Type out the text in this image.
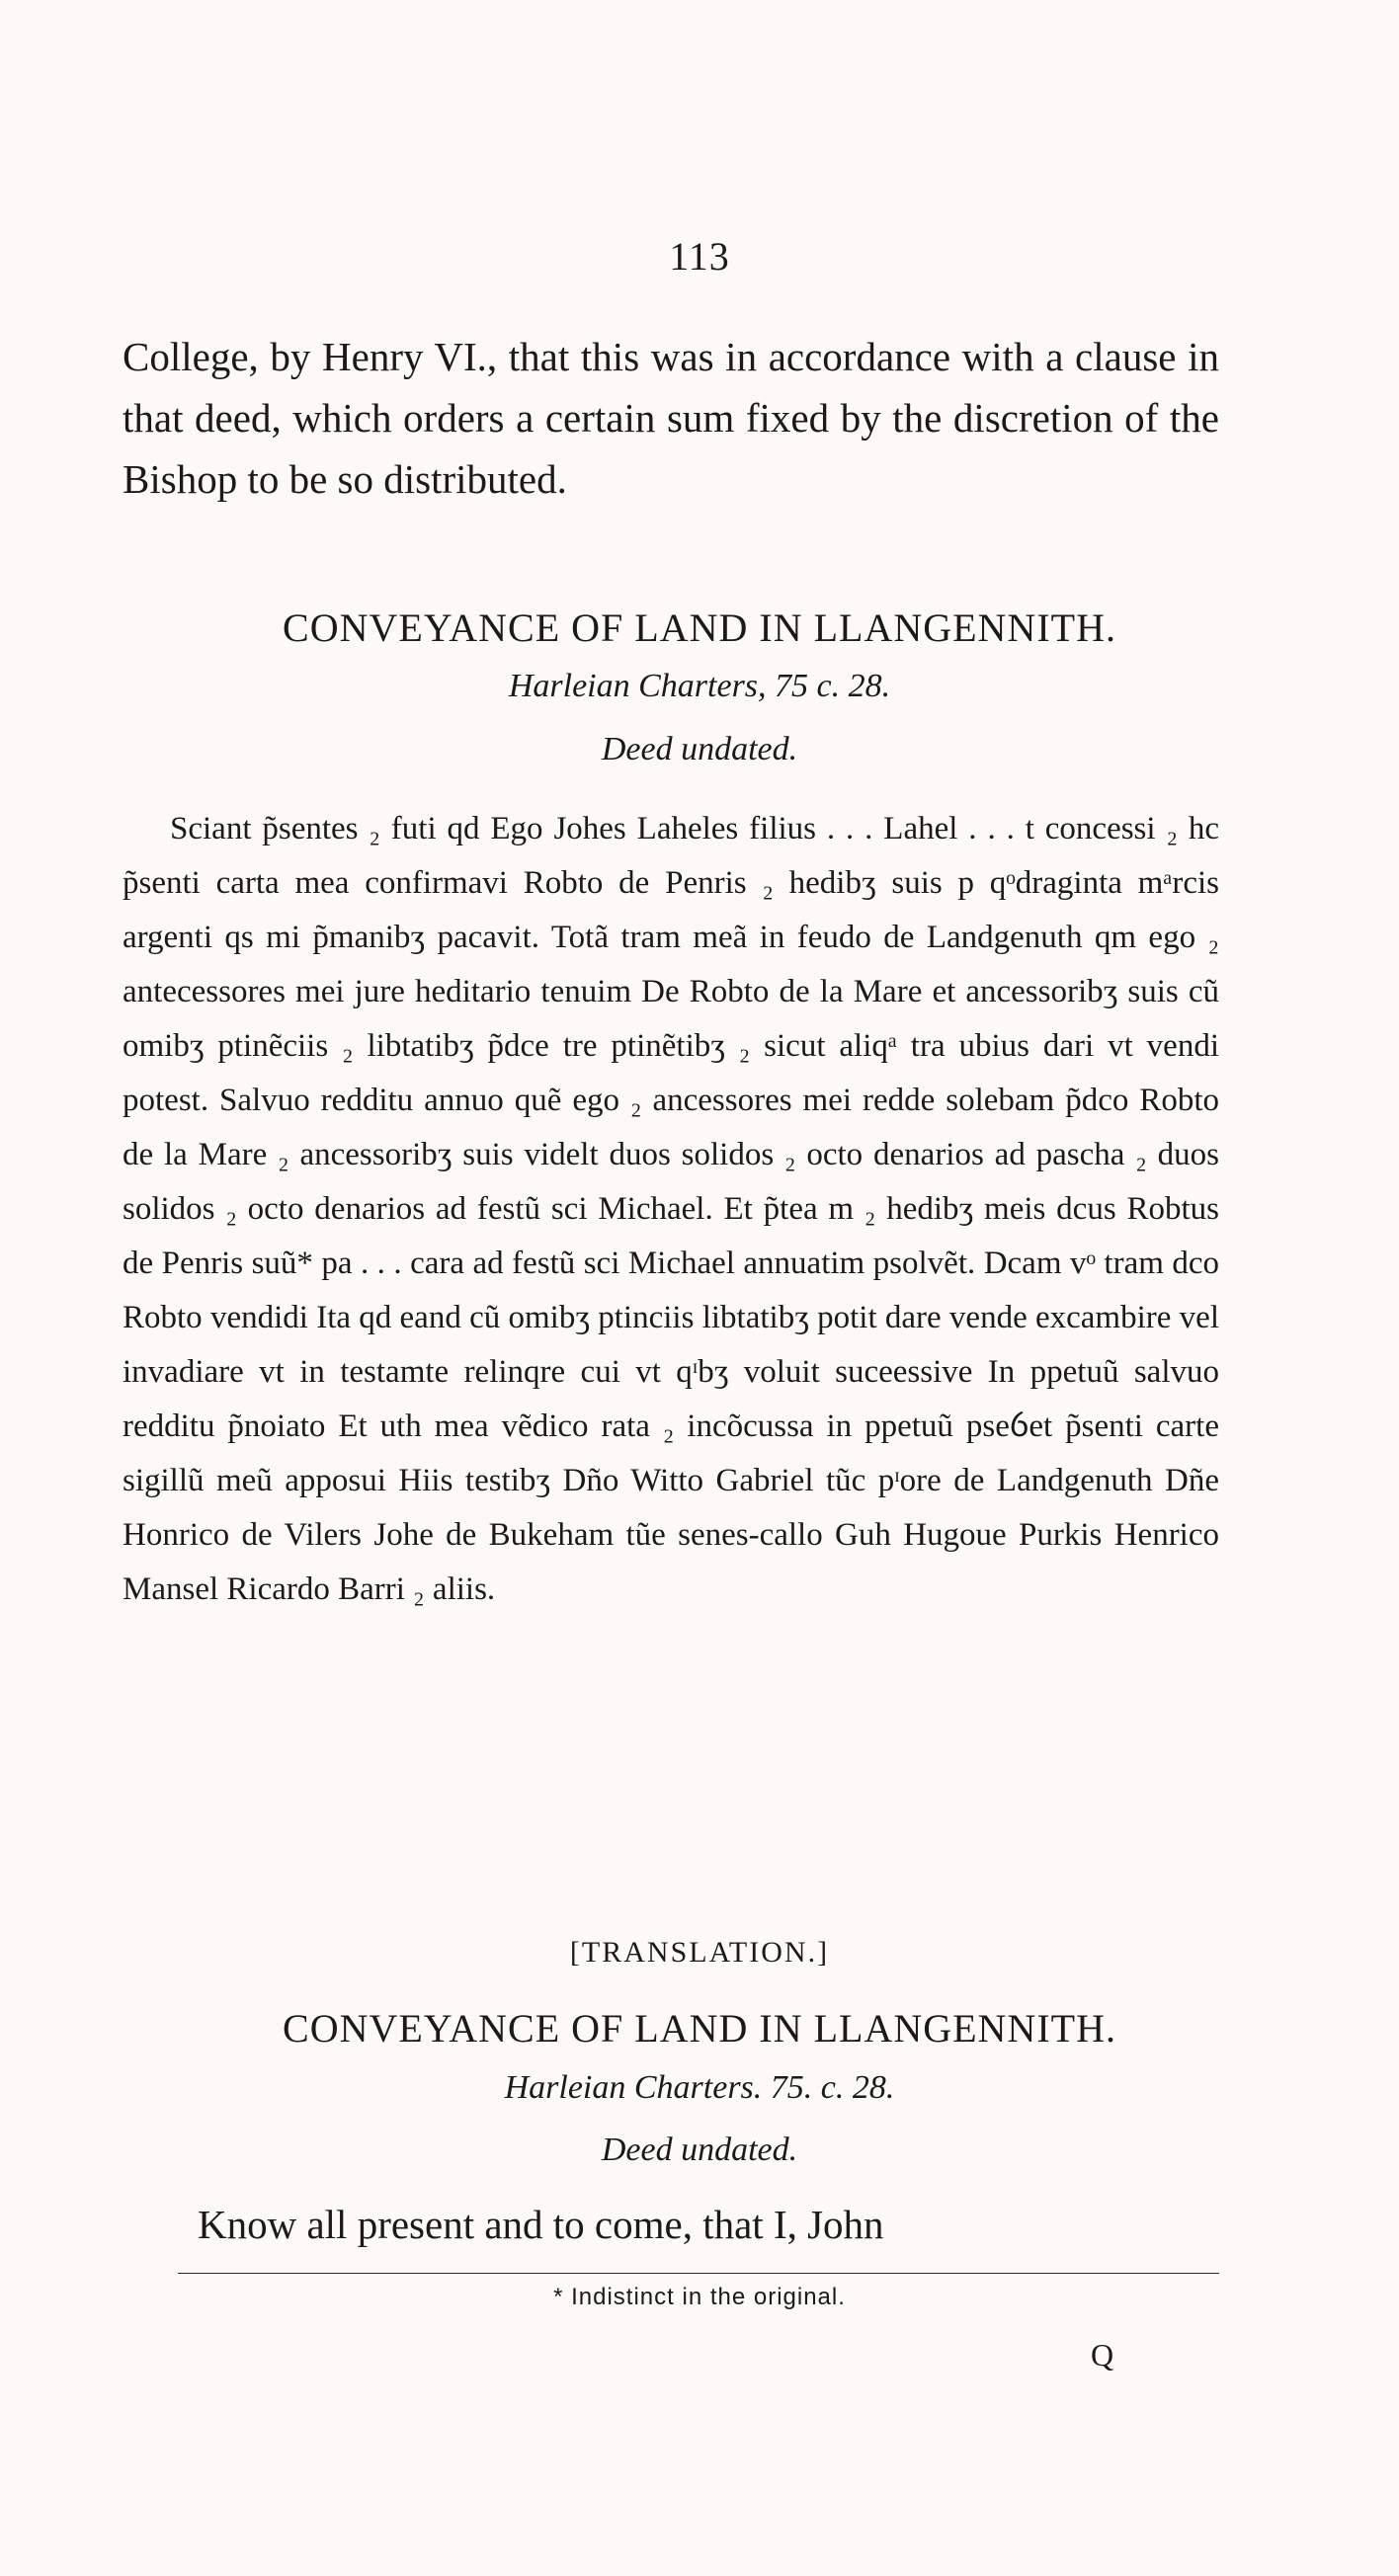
113
College, by Henry VI., that this was in accordance with a clause in that deed, which orders a certain sum fixed by the discretion of the Bishop to be so distributed.
CONVEYANCE OF LAND IN LLANGENNITH.
Harleian Charters, 75 c. 28.
Deed undated.

Sciant p̃sentes ₂ futi qd Ego Johes Laheles filius . . . Lahel . . . t concessi ₂ hc p̃senti carta mea confirmavi Robto de Penris ₂ hedibʒ suis p qᵒdraginta mᵃrcis argenti qs mi p̃manibʒ pacavit. Totã tram meã in feudo de Landgenuth qm ego ₂ antecessores mei jure heditario tenuim De Robto de la Mare et ancessoribʒ suis cũ omibʒ ptinẽciis ₂ libtatibʒ p̃dce tre ptinẽtibʒ ₂ sicut aliqᵃ tra ubius dari vt vendi potest. Salvuo redditu annuo quẽ ego ₂ ancessores mei redde solebam p̃dco Robto de la Mare ₂ ancessoribʒ suis videlt duos solidos ₂ octo denarios ad pascha ₂ duos solidos ₂ octo denarios ad festũ sci Michael. Et p̃tea m ₂ hedibʒ meis dcus Robtus de Penris suũ* pa . . . cara ad festũ sci Michael annuatim psolvẽt. Dcam vᵒ tram dco Robto vendidi Ita qd eand cũ omibʒ ptinciis libtatibʒ potit dare vende excambire vel invadiare vt in testamte relinqre cui vt qᶦbʒ voluit suceessive In ppetuũ salvuo redditu p̃noiato Et uth mea vẽdico rata ₂ incõcussa in ppetuũ pseỽet p̃senti carte sigillũ meũ apposui Hiis testibʒ Dño Witto Gabriel tũc pᶦore de Landgenuth Dñe Honrico de Vilers Johe de Bukeham tũe senes-callo Guh Hugoue Purkis Henrico Mansel Ricardo Barri ₂ aliis.

[TRANSLATION.]
CONVEYANCE OF LAND IN LLANGENNITH.
Harleian Charters. 75. c. 28.
Deed undated.
Know all present and to come, that I, John
* Indistinct in the original.
Q
